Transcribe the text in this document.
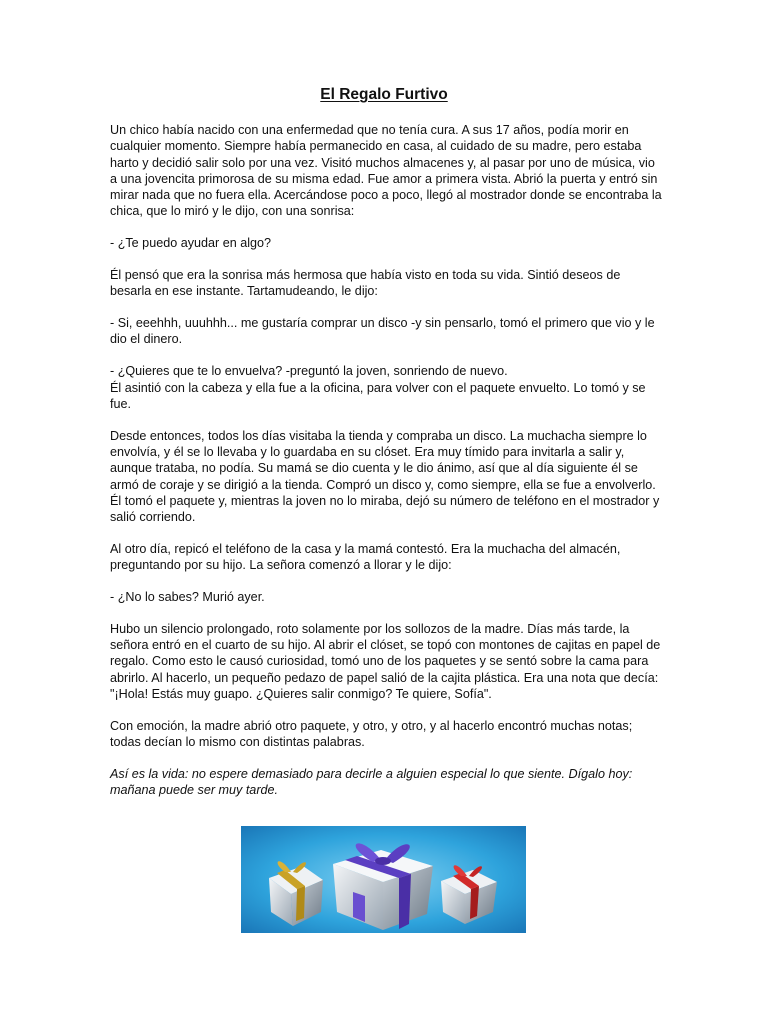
El Regalo Furtivo

Un chico había nacido con una enfermedad que no tenía cura. A sus 17 años, podía morir en cualquier momento. Siempre había permanecido en casa, al cuidado de su madre, pero estaba harto y decidió salir solo por una vez. Visitó muchos almacenes y, al pasar por uno de música, vio a una jovencita primorosa de su misma edad. Fue amor a primera vista. Abrió la puerta y entró sin mirar nada que no fuera ella. Acercándose poco a poco, llegó al mostrador donde se encontraba la chica, que lo miró y le dijo, con una sonrisa:

- ¿Te puedo ayudar en algo?

Él pensó que era la sonrisa más hermosa que había visto en toda su vida. Sintió deseos de besarla en ese instante. Tartamudeando, le dijo:

- Si, eeehhh, uuuhhh... me gustaría comprar un disco -y sin pensarlo, tomó el primero que vio y le dio el dinero.

- ¿Quieres que te lo envuelva? -preguntó la joven, sonriendo de nuevo.

Él asintió con la cabeza y ella fue a la oficina, para volver con el paquete envuelto. Lo tomó y se fue.

Desde entonces, todos los días visitaba la tienda y compraba un disco. La muchacha siempre lo envolvía, y él se lo llevaba y lo guardaba en su clóset. Era muy tímido para invitarla a salir y, aunque trataba, no podía. Su mamá se dio cuenta y le dio ánimo, así que al día siguiente él se armó de coraje y se dirigió a la tienda. Compró un disco y, como siempre, ella se fue a envolverlo. Él tomó el paquete y, mientras la joven no lo miraba, dejó su número de teléfono en el mostrador y salió corriendo.

Al otro día, repicó el teléfono de la casa y la mamá contestó. Era la muchacha del almacén, preguntando por su hijo. La señora comenzó a llorar y le dijo:

- ¿No lo sabes? Murió ayer.

Hubo un silencio prolongado, roto solamente por los sollozos de la madre. Días más tarde, la señora entró en el cuarto de su hijo. Al abrir el clóset, se topó con montones de cajitas en papel de regalo. Como esto le causó curiosidad, tomó uno de los paquetes y se sentó sobre la cama para abrirlo. Al hacerlo, un pequeño pedazo de papel salió de la cajita plástica. Era una nota que decía: "¡Hola! Estás muy guapo. ¿Quieres salir conmigo? Te quiere, Sofía".

Con emoción, la madre abrió otro paquete, y otro, y otro, y al hacerlo encontró muchas notas; todas decían lo mismo con distintas palabras.

Así es la vida: no espere demasiado para decirle a alguien especial lo que siente. Dígalo hoy: mañana puede ser muy tarde.
